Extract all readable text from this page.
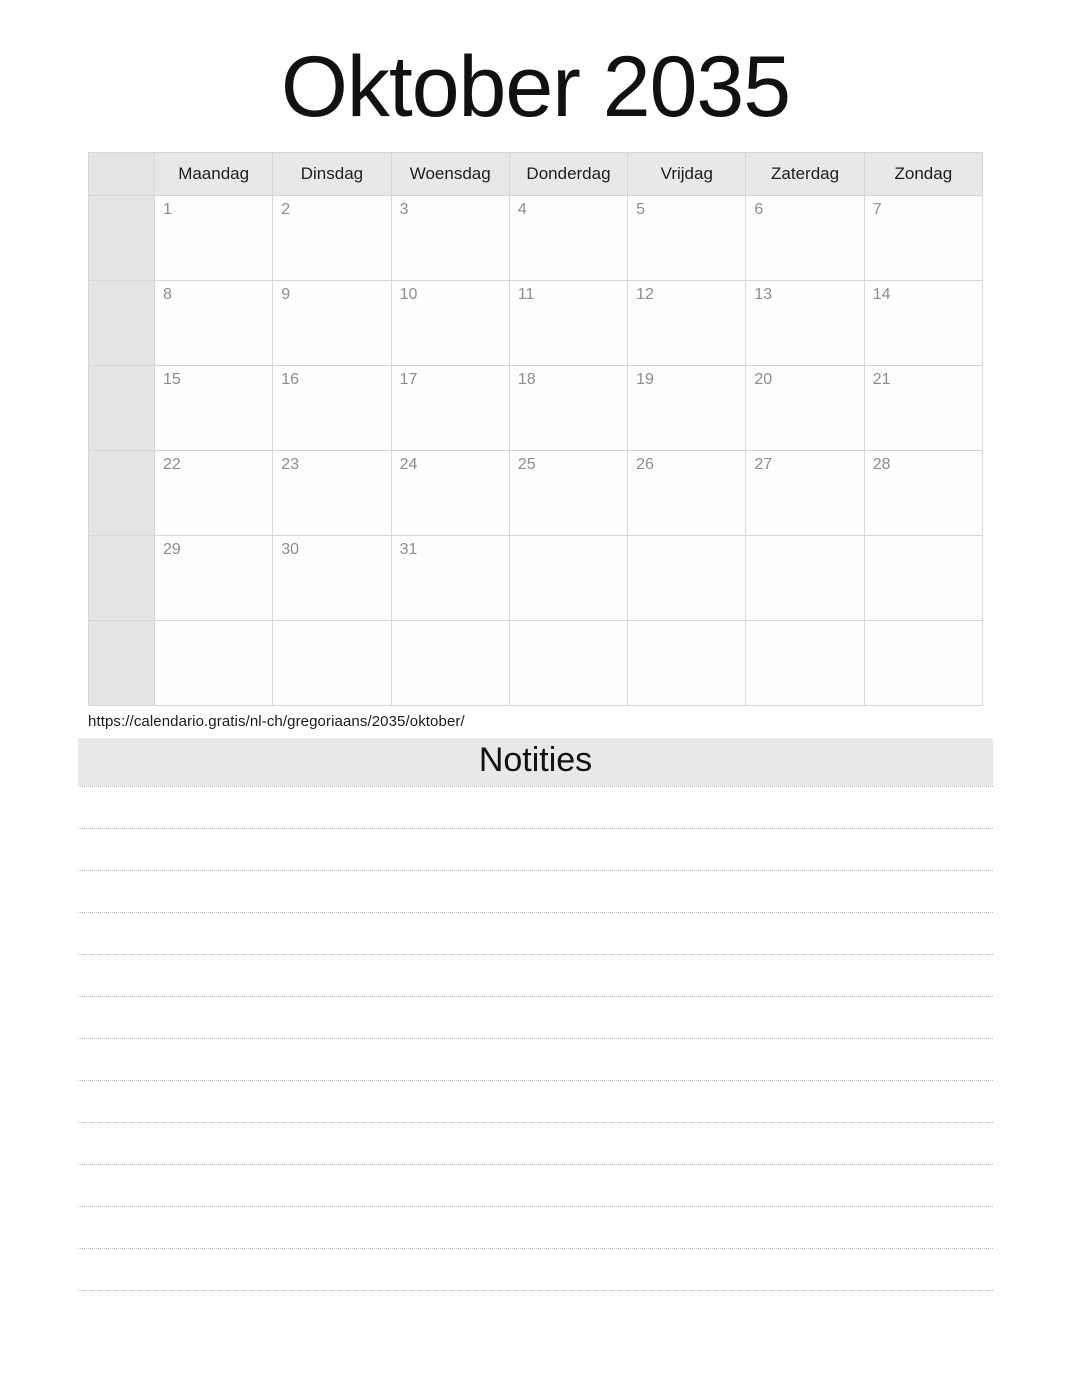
Oktober 2035
	Maandag	Dinsdag	Woensdag	Donderdag	Vrijdag	Zaterdag	Zondag

	1	2	3	4	5	6	7

	8	9	10	11	12	13	14

	15	16	17	18	19	20	21

	22	23	24	25	26	27	28

	29	30	31				

https://calendario.gratis/nl-ch/gregoriaans/2035/oktober/
Notities
